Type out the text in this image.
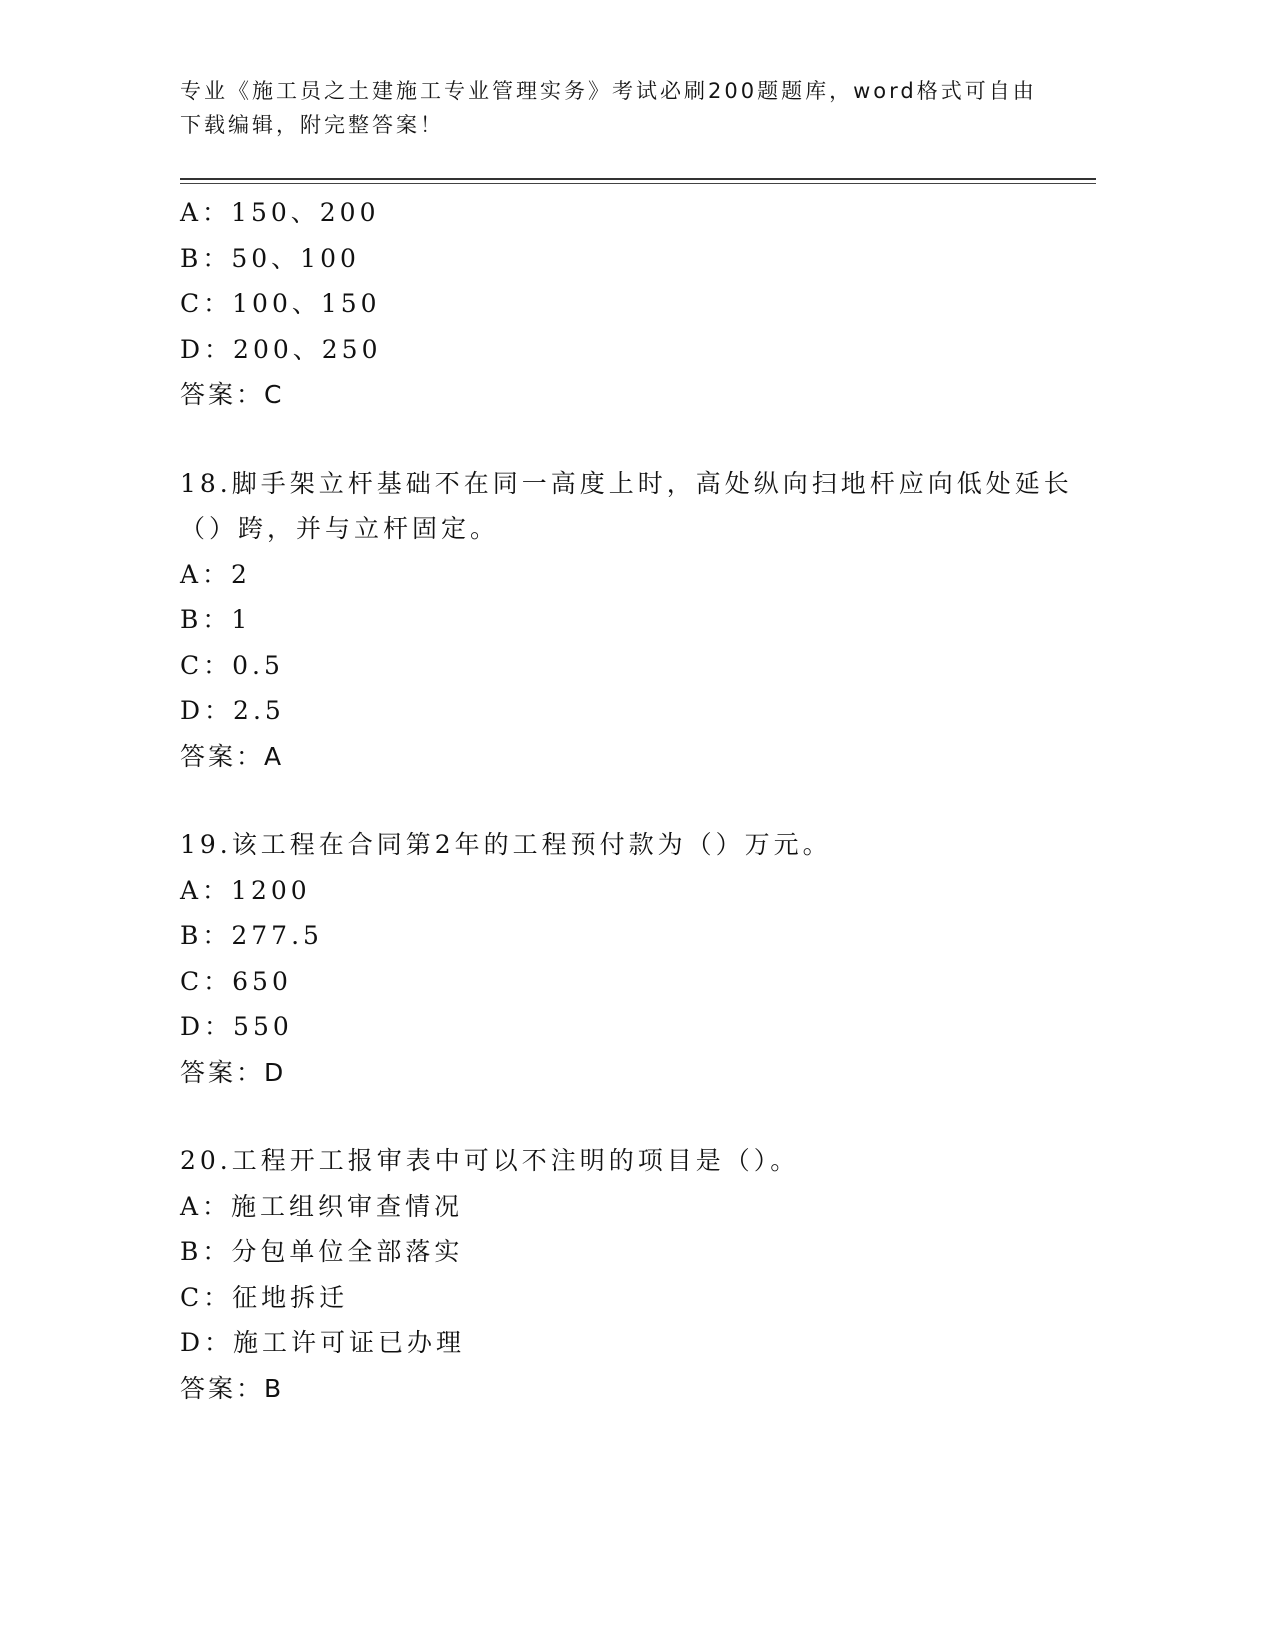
专业《施工员之土建施工专业管理实务》考试必刷200题题库，word格式可自由
下载编辑，附完整答案！
A：150、200
B：50、100
C：100、150
D：200、250
答案：C
18.脚手架立杆基础不在同一高度上时，高处纵向扫地杆应向低处延长
（）跨，并与立杆固定。
A：2
B：1
C：0.5
D：2.5
答案：A
19.该工程在合同第2年的工程预付款为（）万元。
A：1200
B：277.5
C：650
D：550
答案：D
20.工程开工报审表中可以不注明的项目是（）。
A：施工组织审查情况
B：分包单位全部落实
C：征地拆迁
D：施工许可证已办理
答案：B
